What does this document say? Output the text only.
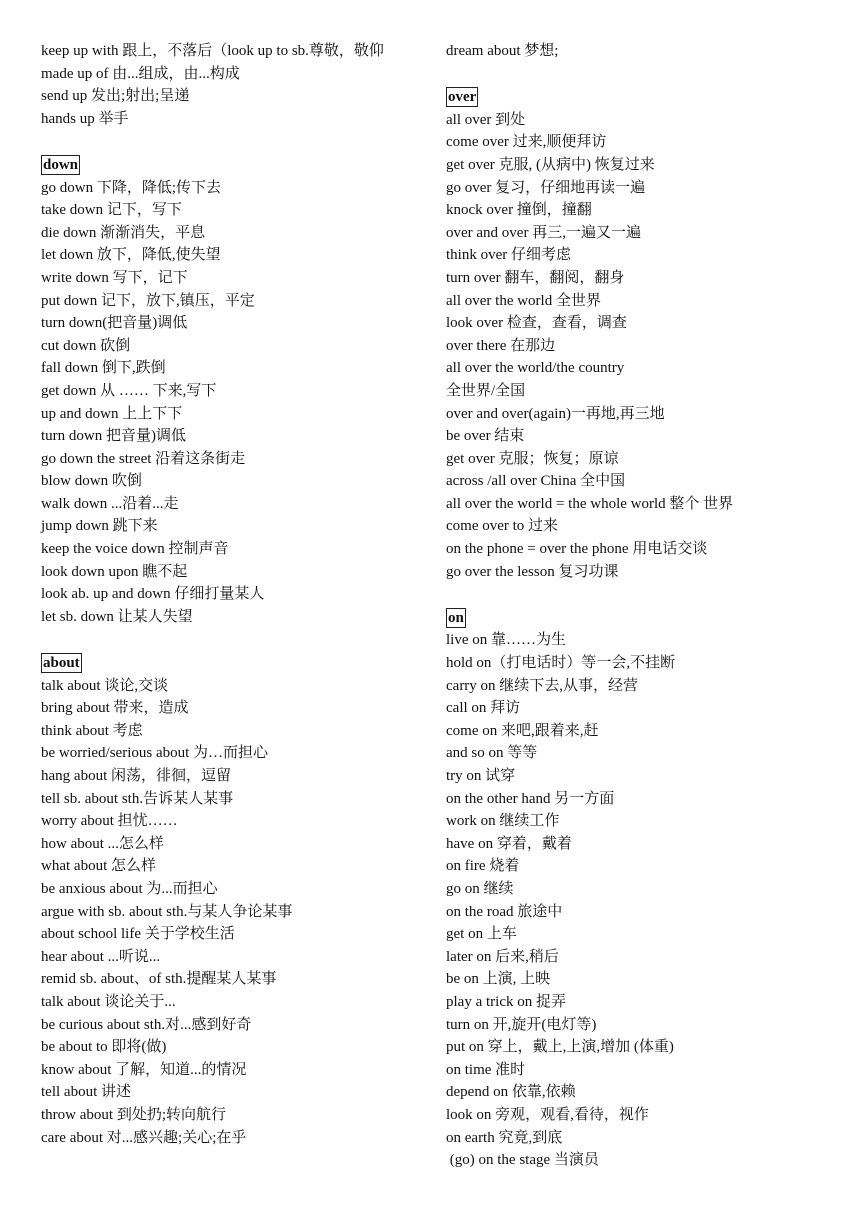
keep up with 跟上，不落后（look up to sb.尊敬，敬仰
made up of 由...组成，由...构成
send up 发出;射出;呈递
hands up 举手
down
go down 下降，降低;传下去
take down 记下，写下
die down 渐渐消失，平息
let down 放下，降低,使失望
write down 写下，记下
put down 记下，放下,镇压，平定
turn down(把音量)调低
cut down 砍倒
fall down 倒下,跌倒
get down 从 …… 下来,写下
up and down 上上下下
turn down 把音量)调低
go down the street 沿着这条街走
blow down 吹倒
walk down ...沿着...走
jump down 跳下来
keep the voice down 控制声音
look down upon 瞧不起
look ab. up and down 仔细打量某人
let sb. down 让某人失望
about
talk about 谈论,交谈
bring about 带来，造成
think about 考虑
be worried/serious about 为…而担心
hang about 闲荡，徘徊，逗留
tell sb. about sth.告诉某人某事
worry about 担忧……
how about ...怎么样
what about 怎么样
be anxious about 为...而担心
argue with sb. about sth.与某人争论某事
about school life 关于学校生活
hear about ...听说...
remid sb. about、of sth.提醒某人某事
talk about 谈论关于...
be curious about sth.对...感到好奇
be about to 即将(做)
know about 了解，知道...的情况
tell about 讲述
throw about 到处扔;转向航行
care about 对...感兴趣;关心;在乎
dream about 梦想;
over
all over 到处
come over 过来,顺便拜访
get over 克服, (从病中) 恢复过来
go over 复习，仔细地再读一遍
knock over 撞倒，撞翻
over and over 再三,一遍又一遍
think over 仔细考虑
turn over 翻车，翻阅，翻身
all over the world 全世界
look over 检查，查看，调查
over there 在那边
all over the world/the country
全世界/全国
over and over(again)一再地,再三地
be over 结束
get over 克服；恢复；原谅
across /all over China 全中国
all over the world = the whole world 整个 世界
come over to 过来
on the phone = over the phone 用电话交谈
go over the lesson 复习功课
on
live on 靠……为生
hold on（打电话时）等一会,不挂断
carry on 继续下去,从事，经营
call on 拜访
come on 来吧,跟着来,赶
and so on 等等
try on 试穿
on the other hand 另一方面
work on 继续工作
have on 穿着，戴着
on fire 烧着
go on 继续
on the road 旅途中
get on 上车
later on 后来,稍后
be on 上演, 上映
play a trick on 捉弄
turn on 开,旋开(电灯等)
put on 穿上，戴上,上演,增加 (体重)
on time 准时
depend on 依靠,依赖
look on 旁观，观看,看待，视作
on earth 究竟,到底
(go) on the stage 当演员
